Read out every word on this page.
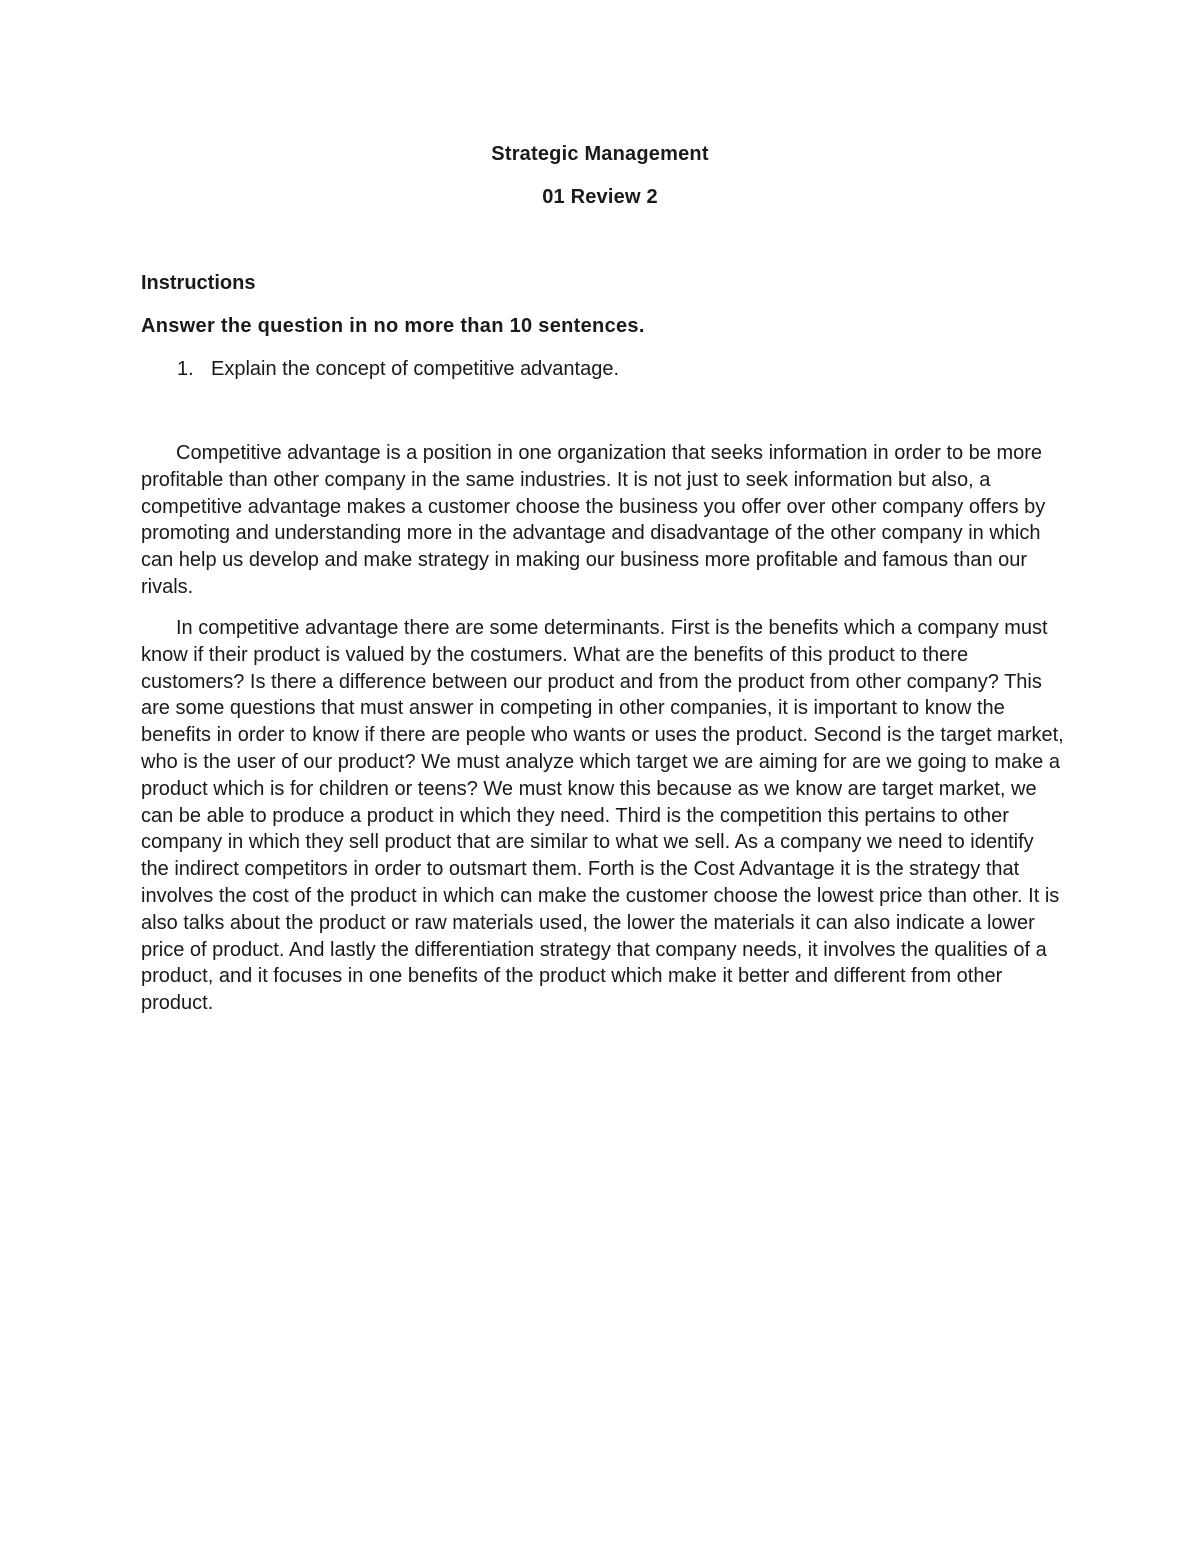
Strategic Management
01 Review 2
Instructions
Answer the question in no more than 10 sentences.
1. Explain the concept of competitive advantage.

Competitive advantage is a position in one organization that seeks information in order to be more profitable than other company in the same industries. It is not just to seek information but also, a competitive advantage makes a customer choose the business you offer over other company offers by promoting and understanding more in the advantage and disadvantage of the other company in which can help us develop and make strategy in making our business more profitable and famous than our rivals.

In competitive advantage there are some determinants. First is the benefits which a company must know if their product is valued by the costumers. What are the benefits of this product to there customers? Is there a difference between our product and from the product from other company? This are some questions that must answer in competing in other companies, it is important to know the benefits in order to know if there are people who wants or uses the product. Second is the target market, who is the user of our product? We must analyze which target we are aiming for are we going to make a product which is for children or teens? We must know this because as we know are target market, we can be able to produce a product in which they need. Third is the competition this pertains to other company in which they sell product that are similar to what we sell. As a company we need to identify the indirect competitors in order to outsmart them. Forth is the Cost Advantage it is the strategy that involves the cost of the product in which can make the customer choose the lowest price than other. It is also talks about the product or raw materials used, the lower the materials it can also indicate a lower price of product. And lastly the differentiation strategy that company needs, it involves the qualities of a product, and it focuses in one benefits of the product which make it better and different from other product.
